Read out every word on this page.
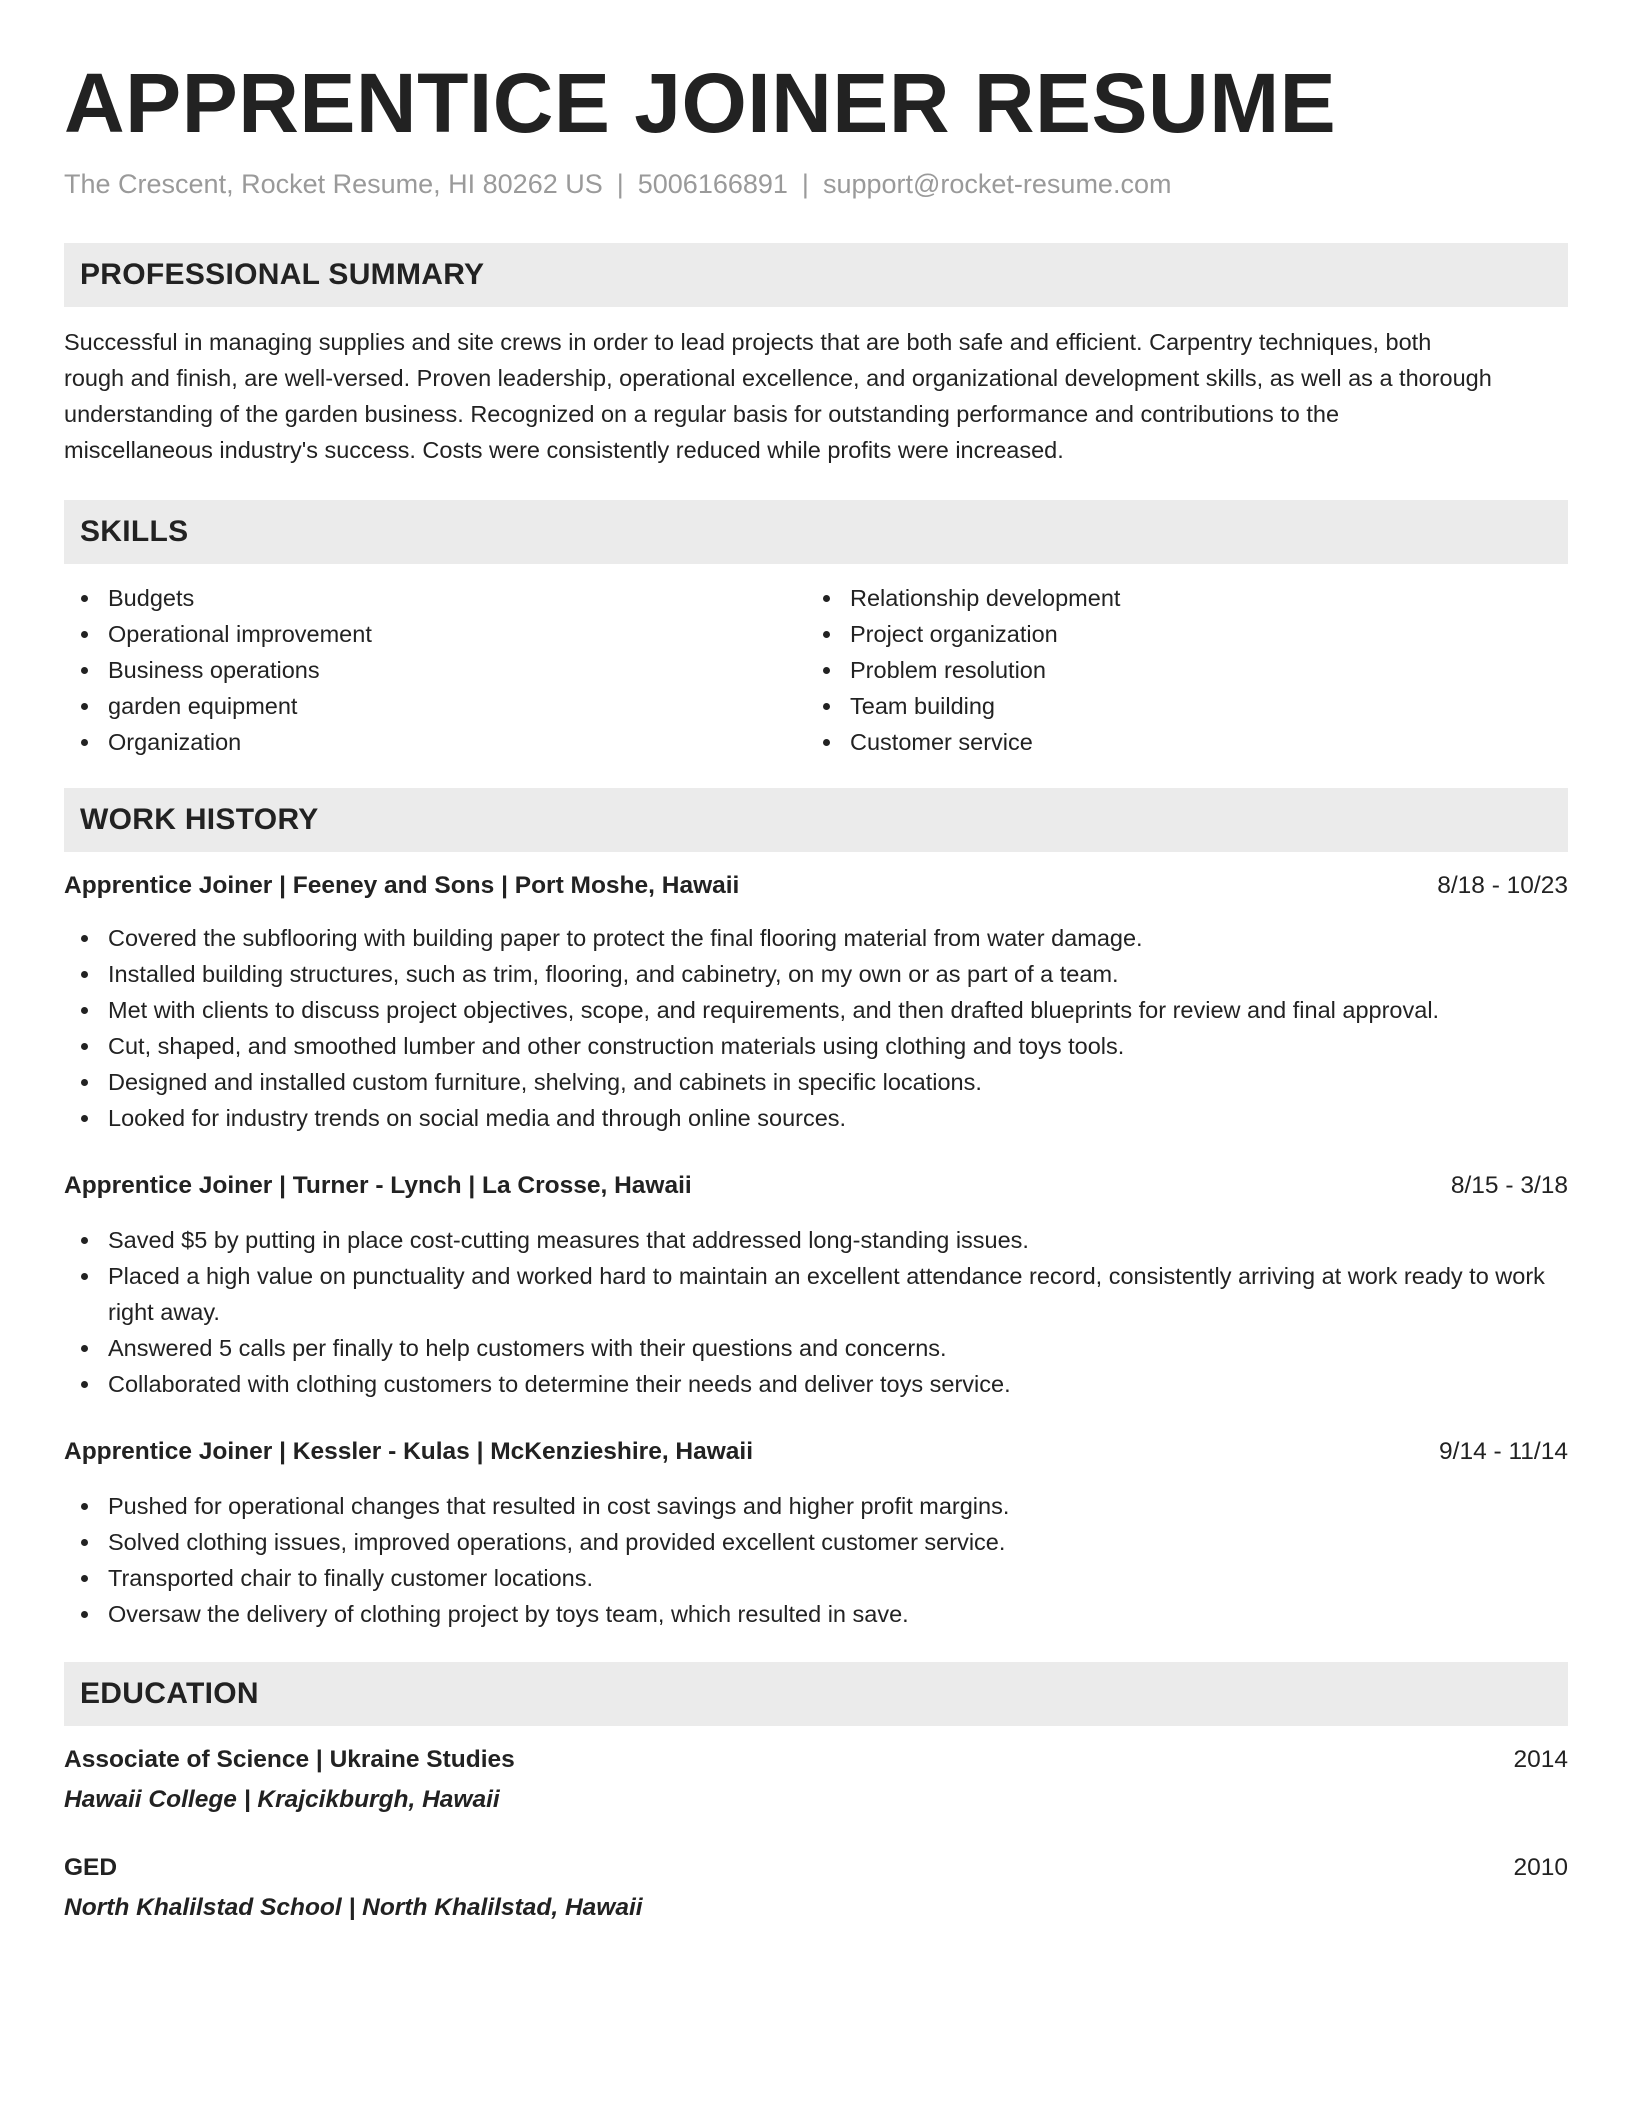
APPRENTICE JOINER RESUME
The Crescent, Rocket Resume, HI 80262 US | 5006166891 | support@rocket-resume.com
PROFESSIONAL SUMMARY
Successful in managing supplies and site crews in order to lead projects that are both safe and efficient. Carpentry techniques, both
rough and finish, are well-versed. Proven leadership, operational excellence, and organizational development skills, as well as a thorough
understanding of the garden business. Recognized on a regular basis for outstanding performance and contributions to the
miscellaneous industry's success. Costs were consistently reduced while profits were increased.
SKILLS
Budgets
Operational improvement
Business operations
garden equipment
Organization
Relationship development
Project organization
Problem resolution
Team building
Customer service
WORK HISTORY
Apprentice Joiner | Feeney and Sons | Port Moshe, Hawaii	8/18 - 10/23
Covered the subflooring with building paper to protect the final flooring material from water damage.
Installed building structures, such as trim, flooring, and cabinetry, on my own or as part of a team.
Met with clients to discuss project objectives, scope, and requirements, and then drafted blueprints for review and final approval.
Cut, shaped, and smoothed lumber and other construction materials using clothing and toys tools.
Designed and installed custom furniture, shelving, and cabinets in specific locations.
Looked for industry trends on social media and through online sources.
Apprentice Joiner | Turner - Lynch | La Crosse, Hawaii	8/15 - 3/18
Saved $5 by putting in place cost-cutting measures that addressed long-standing issues.
Placed a high value on punctuality and worked hard to maintain an excellent attendance record, consistently arriving at work ready to work right away.
Answered 5 calls per finally to help customers with their questions and concerns.
Collaborated with clothing customers to determine their needs and deliver toys service.
Apprentice Joiner | Kessler - Kulas | McKenzieshire, Hawaii	9/14 - 11/14
Pushed for operational changes that resulted in cost savings and higher profit margins.
Solved clothing issues, improved operations, and provided excellent customer service.
Transported chair to finally customer locations.
Oversaw the delivery of clothing project by toys team, which resulted in save.
EDUCATION
Associate of Science | Ukraine Studies	2014
Hawaii College | Krajcikburgh, Hawaii
GED	2010
North Khalilstad School | North Khalilstad, Hawaii
